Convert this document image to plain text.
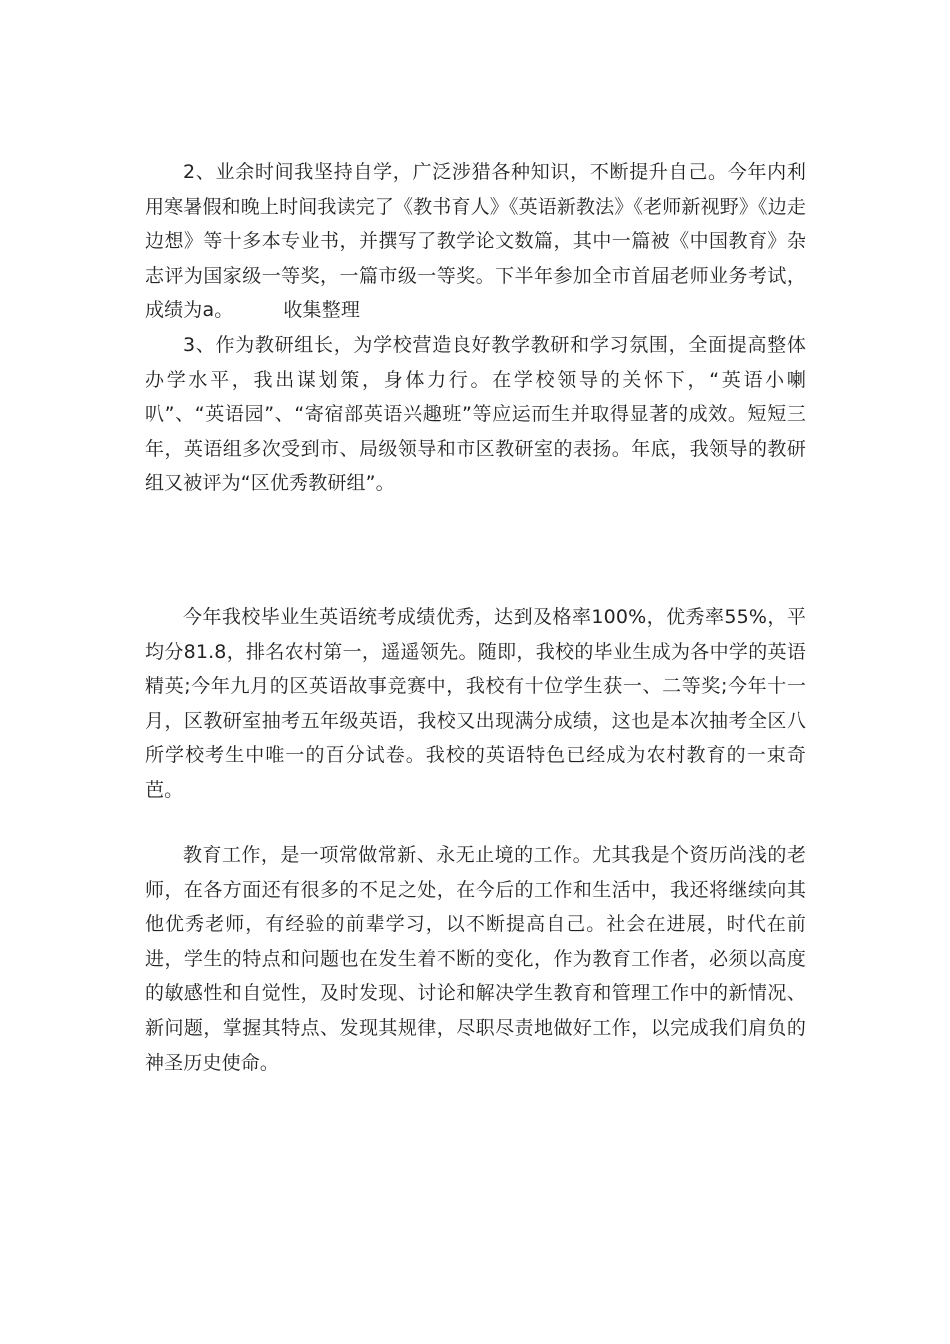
2、业余时间我坚持自学，广泛涉猎各种知识，不断提升自己。今年内利用寒暑假和晚上时间我读完了《教书育人》《英语新教法》《老师新视野》《边走边想》等十多本专业书，并撰写了教学论文数篇，其中一篇被《中国教育》杂志评为国家级一等奖，一篇市级一等奖。下半年参加全市首届老师业务考试，成绩为a。	收集整理

3、作为教研组长，为学校营造良好教学教研和学习氛围，全面提高整体办学水平，我出谋划策，身体力行。在学校领导的关怀下，“英语小喇叭”、“英语园”、“寄宿部英语兴趣班”等应运而生并取得显著的成效。短短三年，英语组多次受到市、局级领导和市区教研室的表扬。年底，我领导的教研组又被评为“区优秀教研组”。

今年我校毕业生英语统考成绩优秀，达到及格率100%，优秀率55%，平均分81.8，排名农村第一，遥遥领先。随即，我校的毕业生成为各中学的英语精英;今年九月的区英语故事竞赛中，我校有十位学生获一、二等奖;今年十一月，区教研室抽考五年级英语，我校又出现满分成绩，这也是本次抽考全区八所学校考生中唯一的百分试卷。我校的英语特色已经成为农村教育的一束奇芭。

教育工作，是一项常做常新、永无止境的工作。尤其我是个资历尚浅的老师，在各方面还有很多的不足之处，在今后的工作和生活中，我还将继续向其他优秀老师，有经验的前辈学习，以不断提高自己。社会在进展，时代在前进，学生的特点和问题也在发生着不断的变化，作为教育工作者，必须以高度的敏感性和自觉性，及时发现、讨论和解决学生教育和管理工作中的新情况、新问题，掌握其特点、发现其规律，尽职尽责地做好工作，以完成我们肩负的神圣历史使命。
